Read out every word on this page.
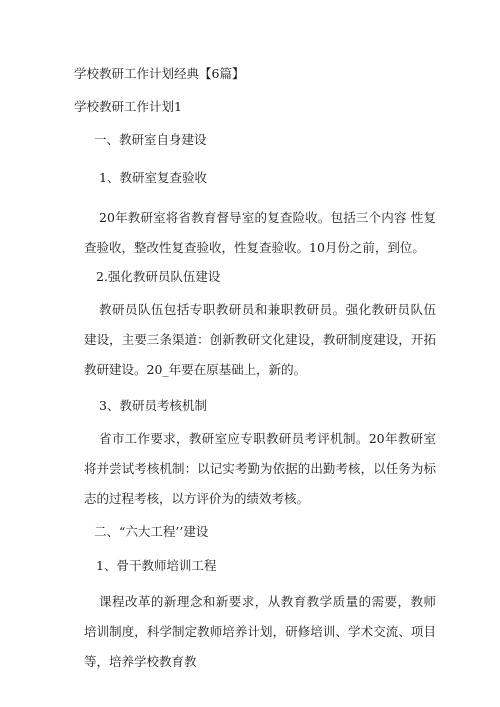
学校教研工作计划经典【6篇】
学校教研工作计划1
一、教研室自身建设
1、教研室复查验收
20年教研室将省教育督导室的复查险收。包括三个内容 性复查验收，整改性复查验收，性复查验收。10月份之前，到位。
2.强化教研员队伍建设
教研员队伍包括专职教研员和兼职教研员。强化教研员队伍建设，主要三条渠道：创新教研文化建设，教研制度建设，开拓教研建设。20_年要在原基础上，新的。
3、教研员考核机制
省市工作要求，教研室应专职教研员考评机制。20年教研室将并尝试考核机制：以记实考勤为依据的出勤考核，以任务为标志的过程考核，以方评价为的绩效考核。
二、“六大工程’’建设
1、骨干教师培训工程
课程改革的新理念和新要求，从教育教学质量的需要，教师培训制度，科学制定教师培养计划，研修培训、学术交流、项目等，培养学校教育教
